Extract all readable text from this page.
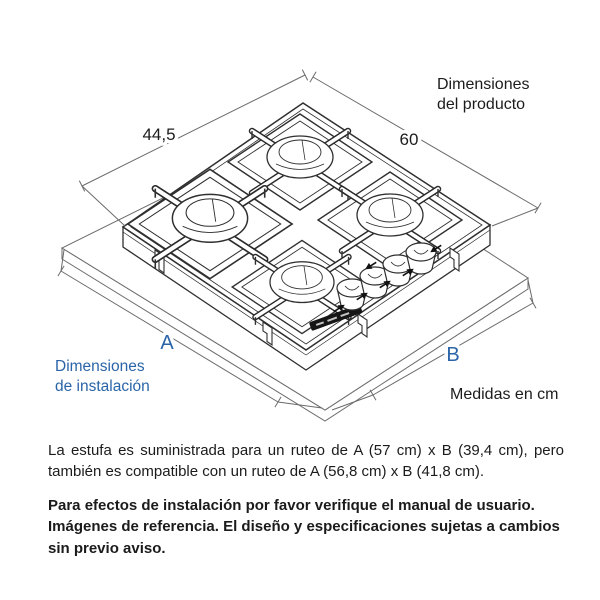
Dimensiones
del producto
44,5	60
A
B
Dimensiones
de instalación	Medidas en cm

La estufa es suministrada para un ruteo de A (57 cm) x B (39,4 cm), pero también es compatible con un ruteo de A (56,8 cm) x B (41,8 cm).

Para efectos de instalación por favor verifique el manual de usuario. Imágenes de referencia. El diseño y especificaciones sujetas a cambios sin previo aviso.
